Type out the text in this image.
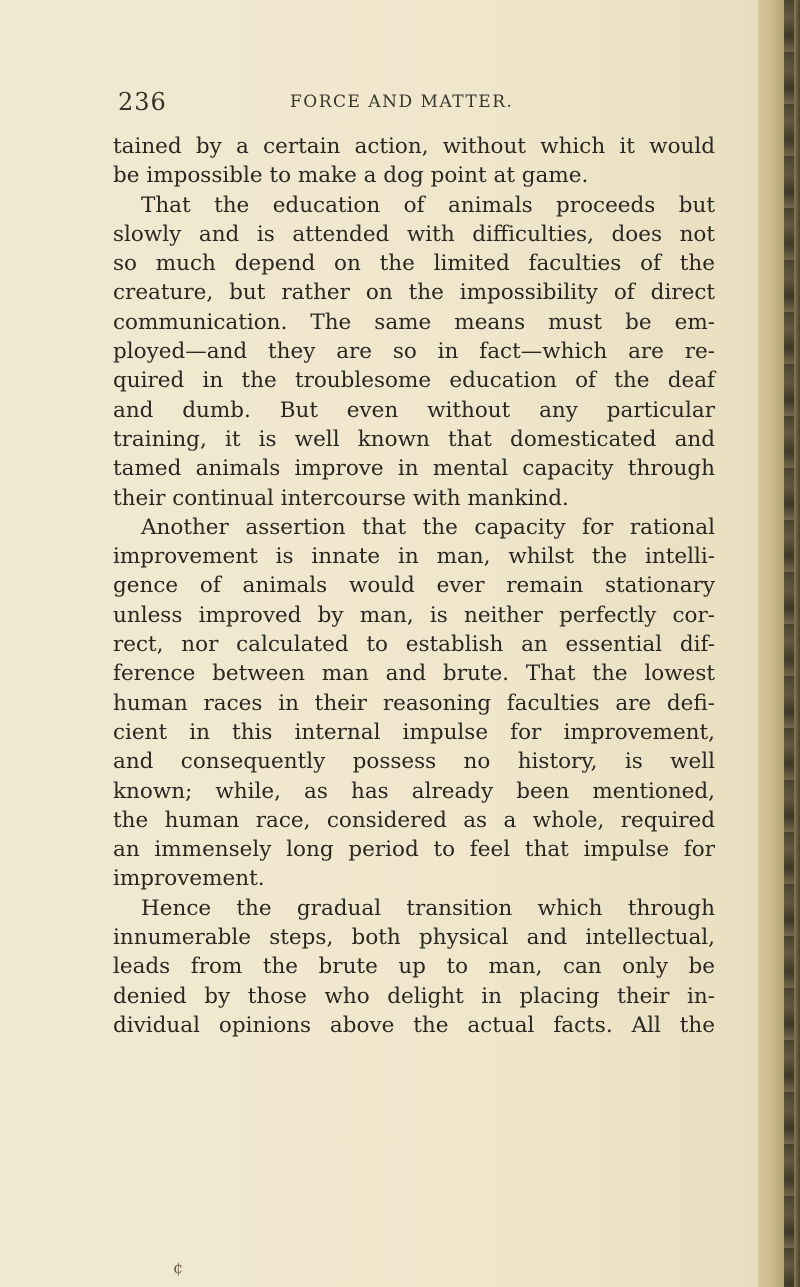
236	FORCE AND MATTER.
tained by a certain action, without which it would
be impossible to make a dog point at game.
That the education of animals proceeds but
slowly and is attended with difficulties, does not
so much depend on the limited faculties of the
creature, but rather on the impossibility of direct
communication. The same means must be em-
ployed—and they are so in fact—which are re-
quired in the troublesome education of the deaf
and dumb. But even without any particular
training, it is well known that domesticated and
tamed animals improve in mental capacity through
their continual intercourse with mankind.
Another assertion that the capacity for rational
improvement is innate in man, whilst the intelli-
gence of animals would ever remain stationary
unless improved by man, is neither perfectly cor-
rect, nor calculated to establish an essential dif-
ference between man and brute. That the lowest
human races in their reasoning faculties are defi-
cient in this internal impulse for improvement,
and consequently possess no history, is well
known; while, as has already been mentioned,
the human race, considered as a whole, required
an immensely long period to feel that impulse for
improvement.
Hence the gradual transition which through
innumerable steps, both physical and intellectual,
leads from the brute up to man, can only be
denied by those who delight in placing their in-
dividual opinions above the actual facts. All the
¢
